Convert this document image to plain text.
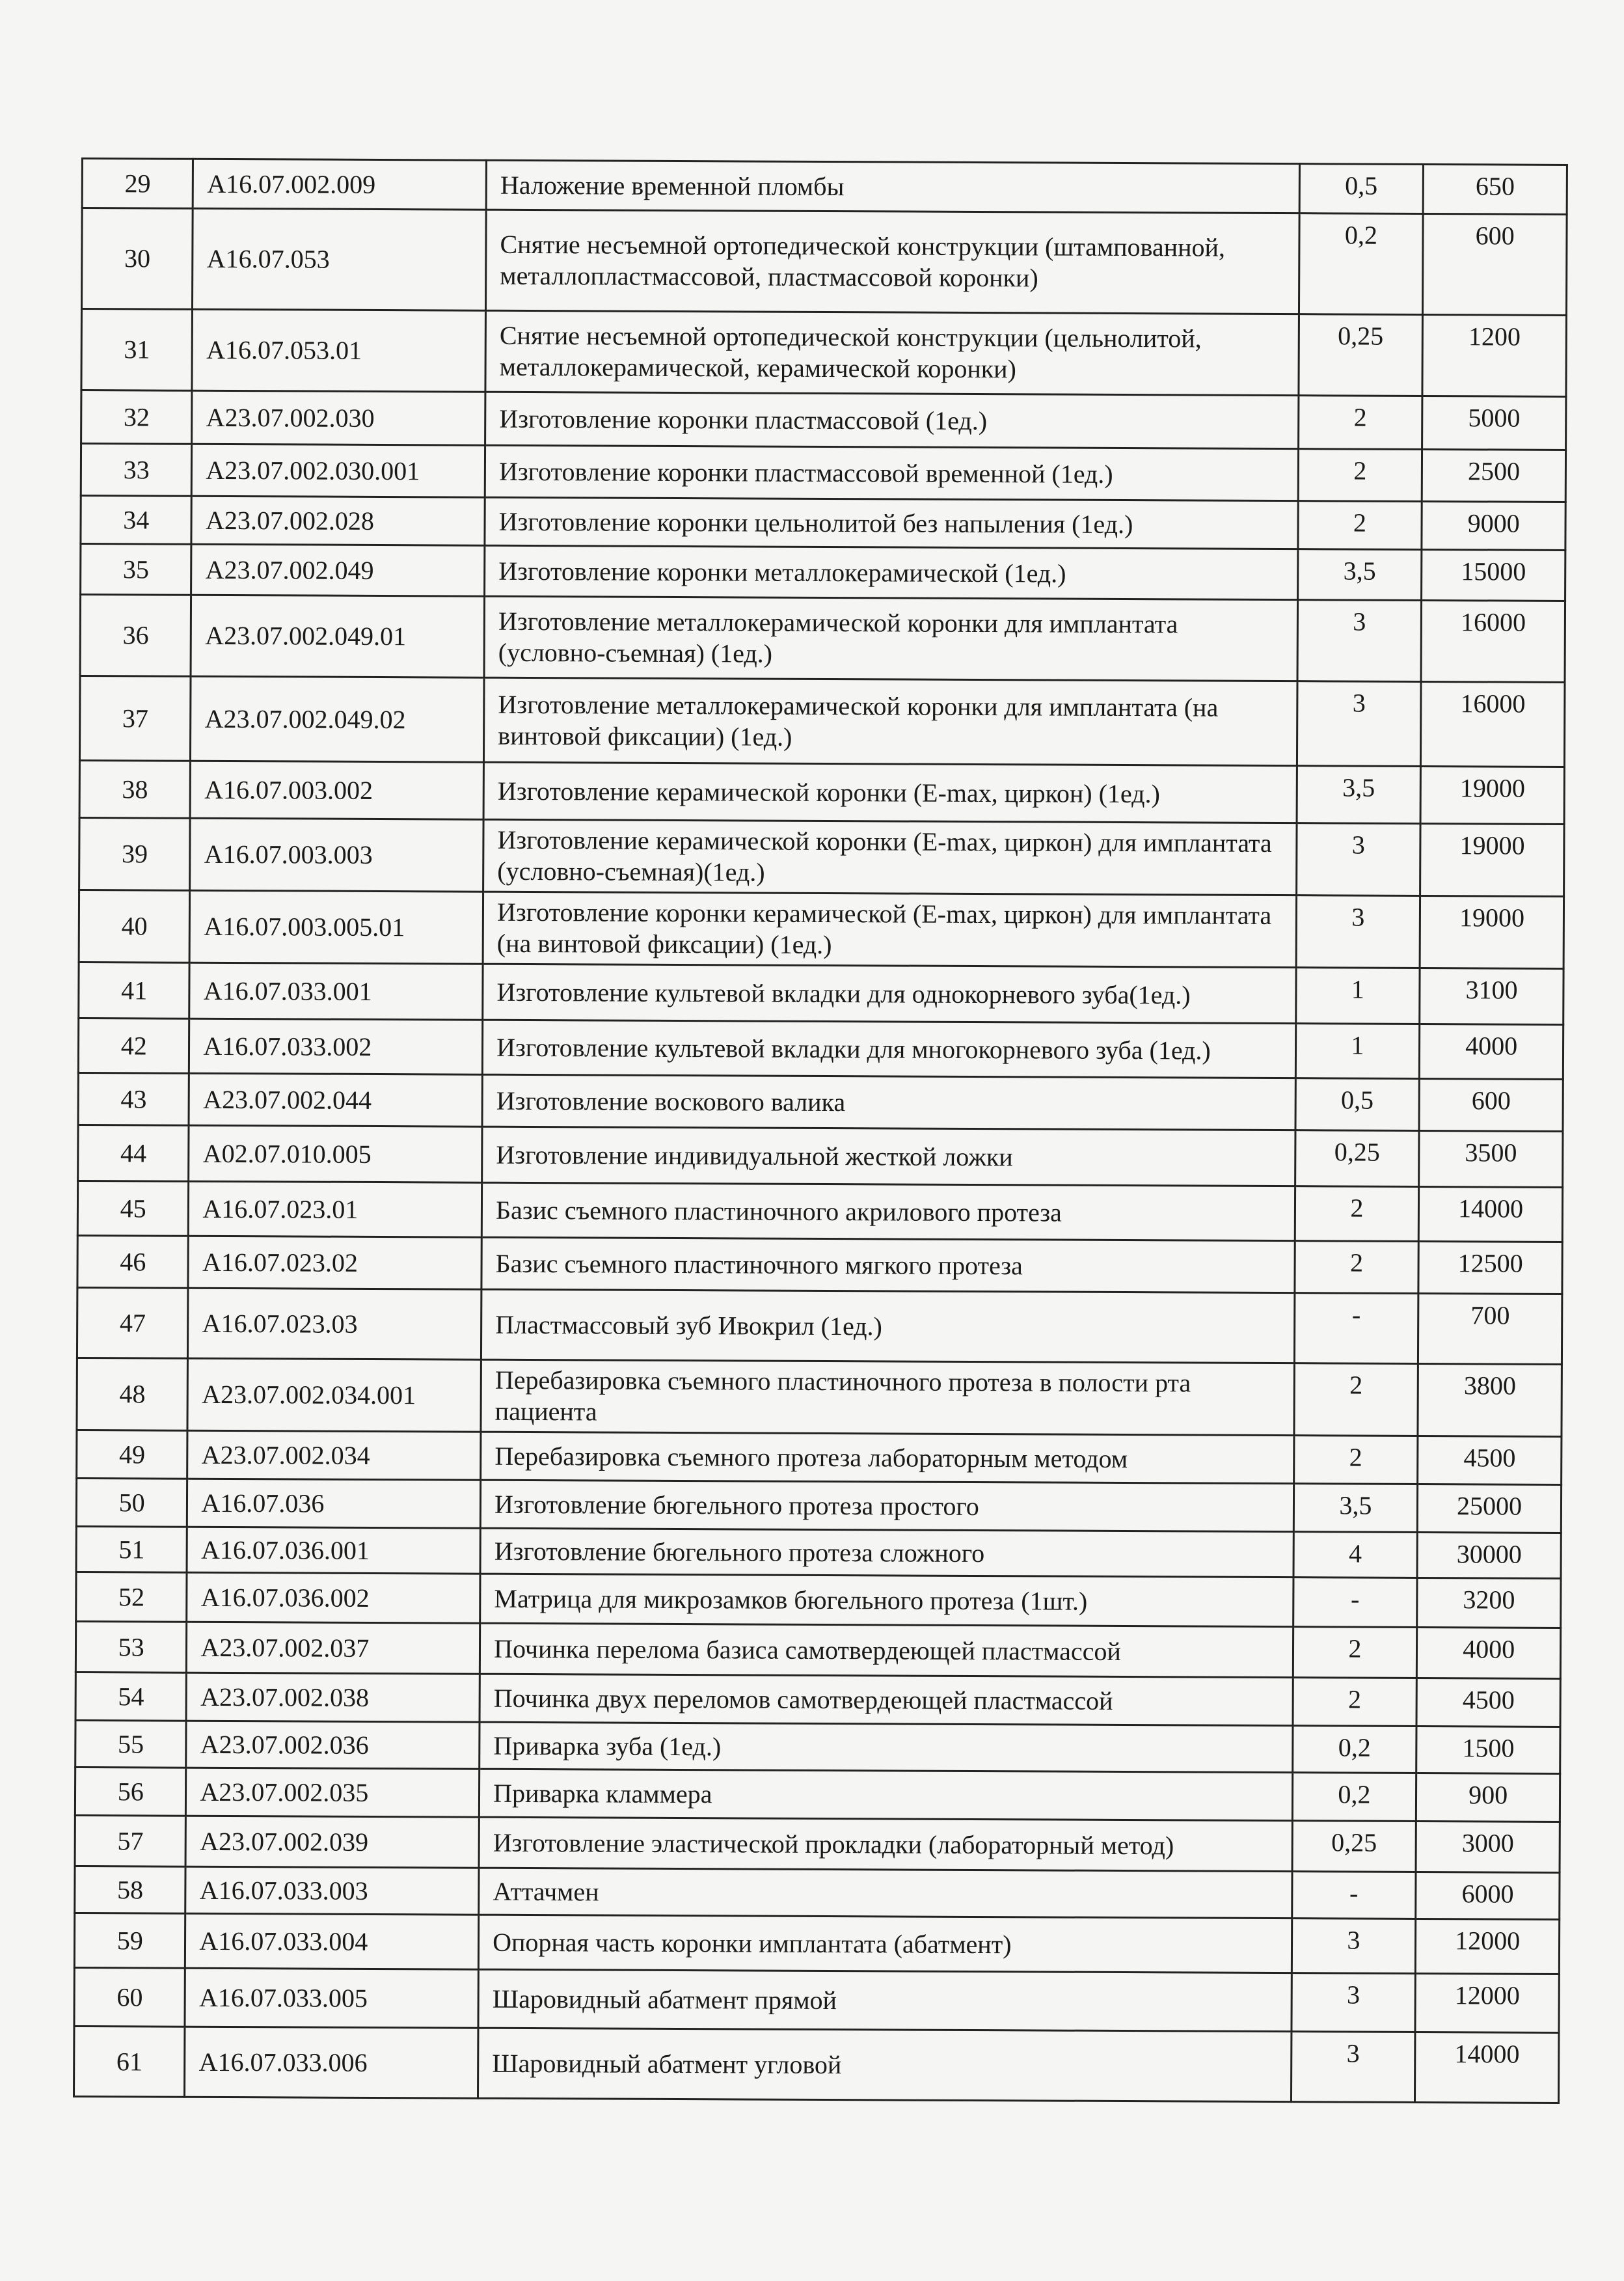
29	A16.07.002.009	Наложение временной пломбы	0,5	650
30	A16.07.053	Снятие несъемной ортопедической конструкции (штампованной, металлопластмассовой, пластмассовой коронки)	0,2	600
31	A16.07.053.01	Снятие несъемной ортопедической конструкции (цельнолитой, металлокерамической, керамической коронки)	0,25	1200
32	A23.07.002.030	Изготовление коронки пластмассовой (1ед.)	2	5000
33	A23.07.002.030.001	Изготовление коронки пластмассовой временной (1ед.)	2	2500
34	A23.07.002.028	Изготовление коронки цельнолитой без напыления (1ед.)	2	9000
35	A23.07.002.049	Изготовление коронки металлокерамической (1ед.)	3,5	15000
36	A23.07.002.049.01	Изготовление металлокерамической коронки для имплантата (условно-съемная) (1ед.)	3	16000
37	A23.07.002.049.02	Изготовление металлокерамической коронки для имплантата (на винтовой фиксации) (1ед.)	3	16000
38	A16.07.003.002	Изготовление керамической коронки (E-max, циркон) (1ед.)	3,5	19000
39	A16.07.003.003	Изготовление керамической коронки (E-max, циркон) для имплантата (условно-съемная)(1ед.)	3	19000
40	A16.07.003.005.01	Изготовление коронки керамической (E-max, циркон) для имплантата (на винтовой фиксации) (1ед.)	3	19000
41	A16.07.033.001	Изготовление культевой вкладки для однокорневого зуба(1ед.)	1	3100
42	A16.07.033.002	Изготовление культевой вкладки для многокорневого зуба (1ед.)	1	4000
43	A23.07.002.044	Изготовление воскового валика	0,5	600
44	A02.07.010.005	Изготовление индивидуальной жесткой ложки	0,25	3500
45	A16.07.023.01	Базис съемного пластиночного акрилового протеза	2	14000
46	A16.07.023.02	Базис съемного пластиночного мягкого протеза	2	12500
47	A16.07.023.03	Пластмассовый зуб Ивокрил (1ед.)	-	700
48	A23.07.002.034.001	Перебазировка съемного пластиночного протеза в полости рта пациента	2	3800
49	A23.07.002.034	Перебазировка съемного протеза лабораторным методом	2	4500
50	A16.07.036	Изготовление бюгельного протеза простого	3,5	25000
51	A16.07.036.001	Изготовление бюгельного протеза сложного	4	30000
52	A16.07.036.002	Матрица для микрозамков бюгельного протеза (1шт.)	-	3200
53	A23.07.002.037	Починка перелома базиса самотвердеющей пластмассой	2	4000
54	A23.07.002.038	Починка двух переломов самотвердеющей пластмассой	2	4500
55	A23.07.002.036	Приварка зуба (1ед.)	0,2	1500
56	A23.07.002.035	Приварка кламмера	0,2	900
57	A23.07.002.039	Изготовление эластической прокладки (лабораторный метод)	0,25	3000
58	A16.07.033.003	Аттачмен	-	6000
59	A16.07.033.004	Опорная часть коронки имплантата (абатмент)	3	12000
60	A16.07.033.005	Шаровидный абатмент прямой	3	12000
61	A16.07.033.006	Шаровидный абатмент угловой	3	14000
